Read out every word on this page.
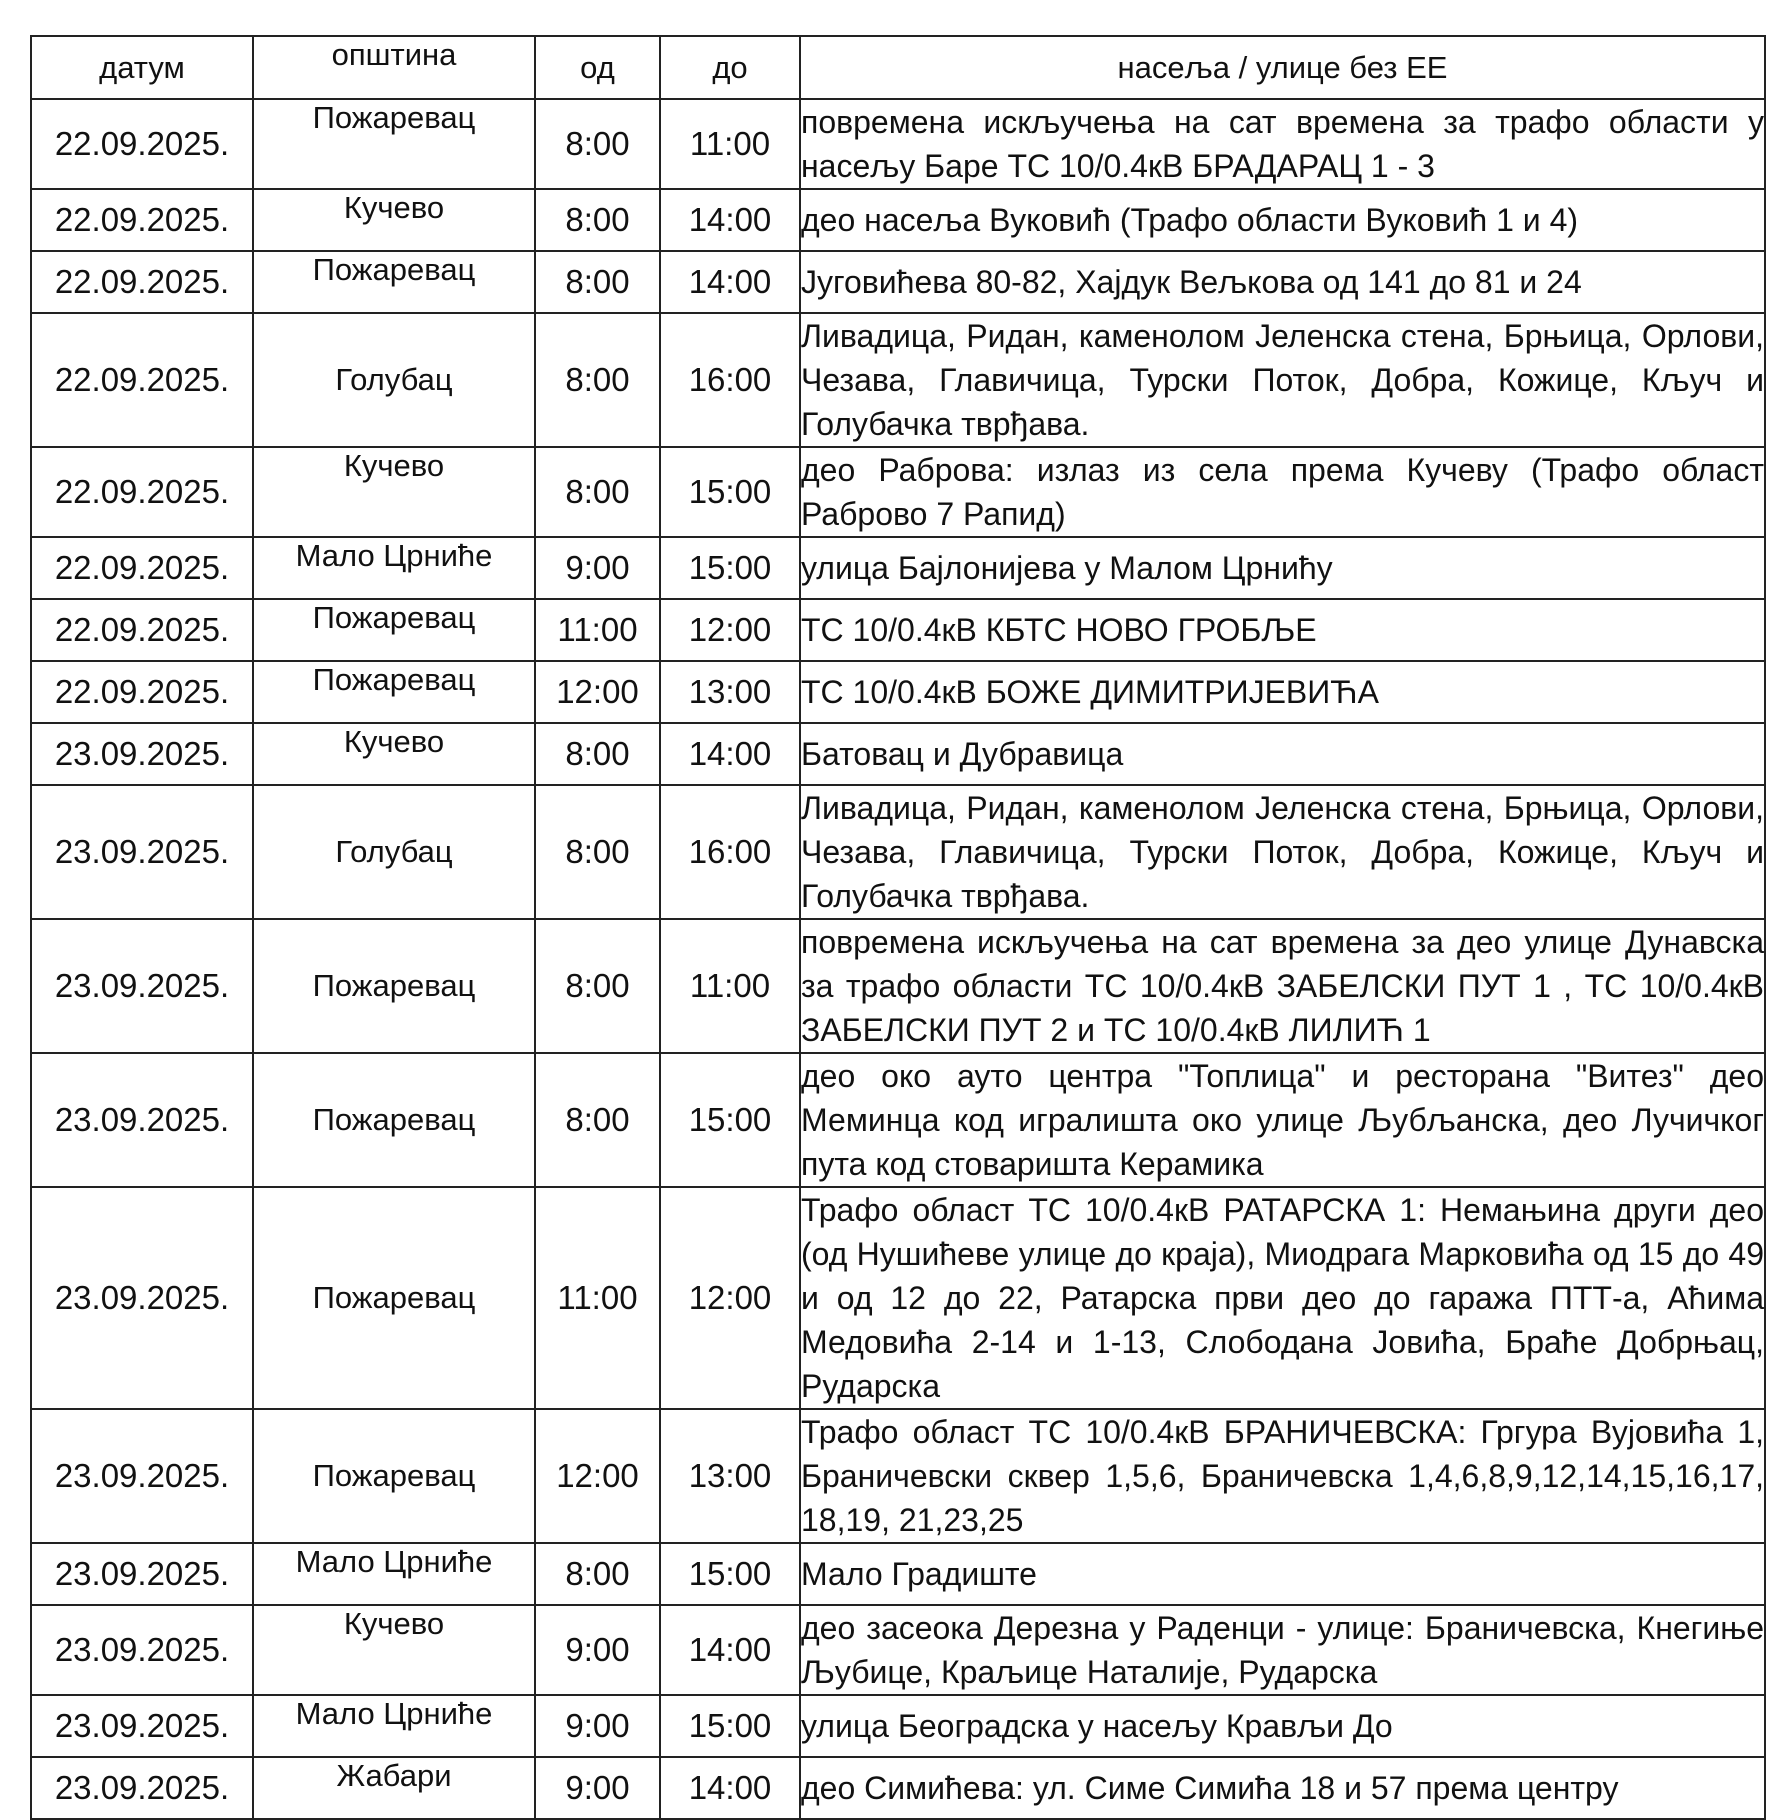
датум	општина	од	до	насеља / улице без ЕЕ
22.09.2025.	Пожаревац	8:00	11:00	повремена искључења на сат времена за трафо области у насељу Баре ТС 10/0.4кВ БРАДАРАЦ 1 - 3
22.09.2025.	Кучево	8:00	14:00	део насеља Вуковић (Трафо области Вуковић 1 и 4)
22.09.2025.	Пожаревац	8:00	14:00	Југовићева 80-82, Хајдук Вељкова од 141 до 81 и 24
22.09.2025.	Голубац	8:00	16:00	Ливадица, Ридан, каменолом Јеленска стена, Брњица, Орлови, Чезава, Главичица, Турски Поток, Добра, Кожице, Кључ и Голубачка тврђава.
22.09.2025.	Кучево	8:00	15:00	део Раброва: излаз из села према Кучеву (Трафо област Раброво 7 Рапид)
22.09.2025.	Мало Црниће	9:00	15:00	улица Бајлонијева у Малом Црнићу
22.09.2025.	Пожаревац	11:00	12:00	ТС 10/0.4кВ КБТС НОВО ГРОБЉЕ
22.09.2025.	Пожаревац	12:00	13:00	ТС 10/0.4кВ БОЖЕ ДИМИТРИЈЕВИЋА
23.09.2025.	Кучево	8:00	14:00	Батовац и Дубравица
23.09.2025.	Голубац	8:00	16:00	Ливадица, Ридан, каменолом Јеленска стена, Брњица, Орлови, Чезава, Главичица, Турски Поток, Добра, Кожице, Кључ и Голубачка тврђава.
23.09.2025.	Пожаревац	8:00	11:00	повремена искључења на сат времена за део улице Дунавска за трафо области ТС 10/0.4кВ ЗАБЕЛСКИ ПУТ 1 , ТС 10/0.4кВ ЗАБЕЛСКИ ПУТ 2 и ТС 10/0.4кВ ЛИЛИЋ 1
23.09.2025.	Пожаревац	8:00	15:00	део око ауто центра "Топлица" и ресторана "Витез" део Меминца код игралишта око улице Љубљанска, део Лучичког пута код стоваришта Керамика
23.09.2025.	Пожаревац	11:00	12:00	Трафо област ТС 10/0.4кВ РАТАРСКА 1: Немањина други део (од Нушићеве улице до краја), Миодрага Марковића од 15 до 49 и од 12 до 22, Ратарска први део до гаража ПТТ-а, Аћима Медовића 2-14 и 1-13, Слободана Јовића, Браће Добрњац, Рударска
23.09.2025.	Пожаревац	12:00	13:00	Трафо област ТС 10/0.4кВ БРАНИЧЕВСКА: Гргура Вујовића 1, Браничевски сквер 1,5,6, Браничевска 1,4,6,8,9,12,14,15,16,17, 18,19, 21,23,25
23.09.2025.	Мало Црниће	8:00	15:00	Мало Градиште
23.09.2025.	Кучево	9:00	14:00	део засеока Дерезна у Раденци - улице: Браничевска, Кнегиње Љубице, Краљице Наталије, Рударска
23.09.2025.	Мало Црниће	9:00	15:00	улица Београдска у насељу Крављи До
23.09.2025.	Жабари	9:00	14:00	део Симићева: ул. Симе Симића 18 и 57 према центру
